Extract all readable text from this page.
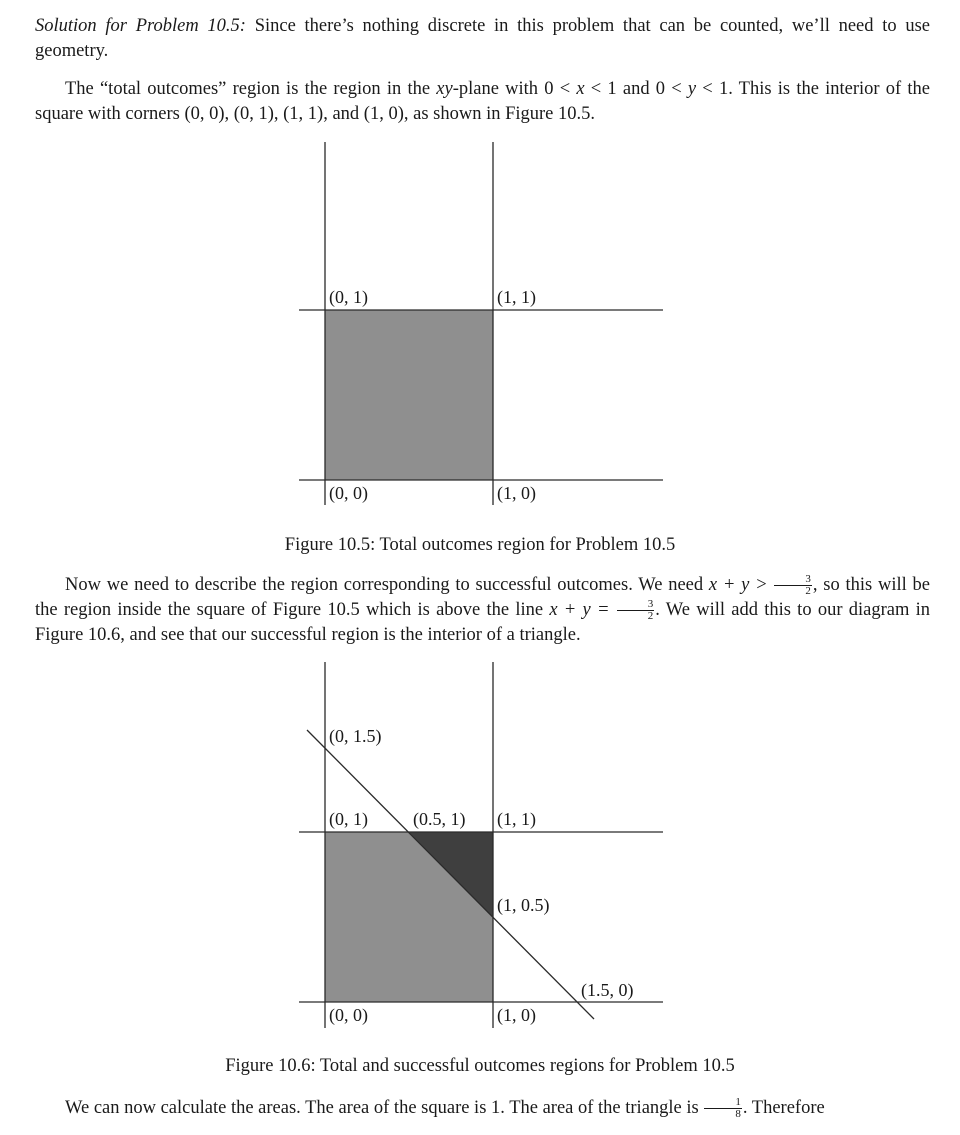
Solution for Problem 10.5: Since there’s nothing discrete in this problem that can be counted, we’ll need to use geometry.
The “total outcomes” region is the region in the xy-plane with 0 < x < 1 and 0 < y < 1. This is the interior of the square with corners (0, 0), (0, 1), (1, 1), and (1, 0), as shown in Figure 10.5.
(0, 1)	(1, 1)
(0, 0)	(1, 0)
Figure 10.5: Total outcomes region for Problem 10.5
Now we need to describe the region corresponding to successful outcomes. We need $x + y > \frac{3}{2}$ , so this will be the region inside the square of Figure 10.5 which is above the line $x + y = \frac{3}{2}$ . We will add this to our diagram in Figure 10.6, and see that our successful region is the interior of a triangle.
(0, 1.5)
(0, 1)	(0.5, 1) (1, 1)
(1, 0.5)
(1.5, 0)
(0, 0)	(1, 0)
Figure 10.6: Total and successful outcomes regions for Problem 10.5
We can now calculate the areas. The area of the square is 1. The area of the triangle is $\frac{1}{8}$ . Therefore
